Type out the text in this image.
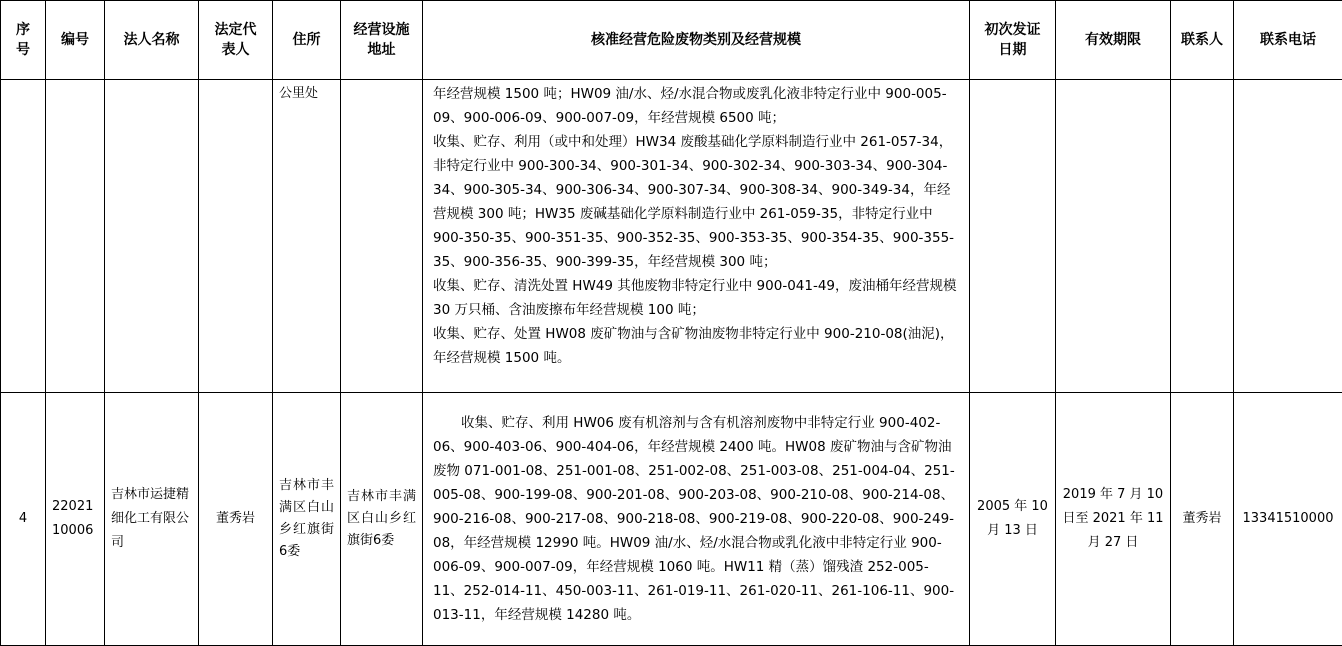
序号	编号	法人名称	法定代表人	住所	经营设施地址	核准经营危险废物类别及经营规模	初次发证日期	有效期限	联系人	联系电话
				公里处		年经营规模 1500 吨；HW09 油/水、烃/水混合物或废乳化液非特定行业中 900-005-09、900-006-09、900-007-09，年经营规模 6500 吨；

收集、贮存、利用（或中和处理）HW34 废酸基础化学原料制造行业中 261-057-34，非特定行业中 900-300-34、900-301-34、900-302-34、900-303-34、900-304-34、900-305-34、900-306-34、900-307-34、900-308-34、900-349-34，年经营规模 300 吨；HW35 废碱基础化学原料制造行业中 261-059-35，非特定行业中 900-350-35、900-351-35、900-352-35、900-353-35、900-354-35、900-355-35、900-356-35、900-399-35，年经营规模 300 吨；

收集、贮存、清洗处置 HW49 其他废物非特定行业中 900-041-49，废油桶年经营规模 30 万只桶、含油废擦布年经营规模 100 吨；

收集、贮存、处置 HW08 废矿物油与含矿物油废物非特定行业中 900-210-08(油泥)，年经营规模 1500 吨。				

4	2202110006	吉林市运捷精细化工有限公司	董秀岩	吉林市丰满区白山乡红旗街6委	吉林市丰满区白山乡红旗街6委	收集、贮存、利用 HW06 废有机溶剂与含有机溶剂废物中非特定行业 900-402-06、900-403-06、900-404-06，年经营规模 2400 吨。HW08 废矿物油与含矿物油废物 071-001-08、251-001-08、251-002-08、251-003-08、251-004-04、251-005-08、900-199-08、900-201-08、900-203-08、900-210-08、900-214-08、900-216-08、900-217-08、900-218-08、900-219-08、900-220-08、900-249-08，年经营规模 12990 吨。HW09 油/水、烃/水混合物或乳化液中非特定行业 900-006-09、900-007-09，年经营规模 1060 吨。HW11 精（蒸）馏残渣 252-005-11、252-014-11、450-003-11、261-019-11、261-020-11、261-106-11、900-013-11，年经营规模 14280 吨。	2005 年 10 月 13 日	2019 年 7 月 10 日至 2021 年 11 月 27 日	董秀岩	13341510000
